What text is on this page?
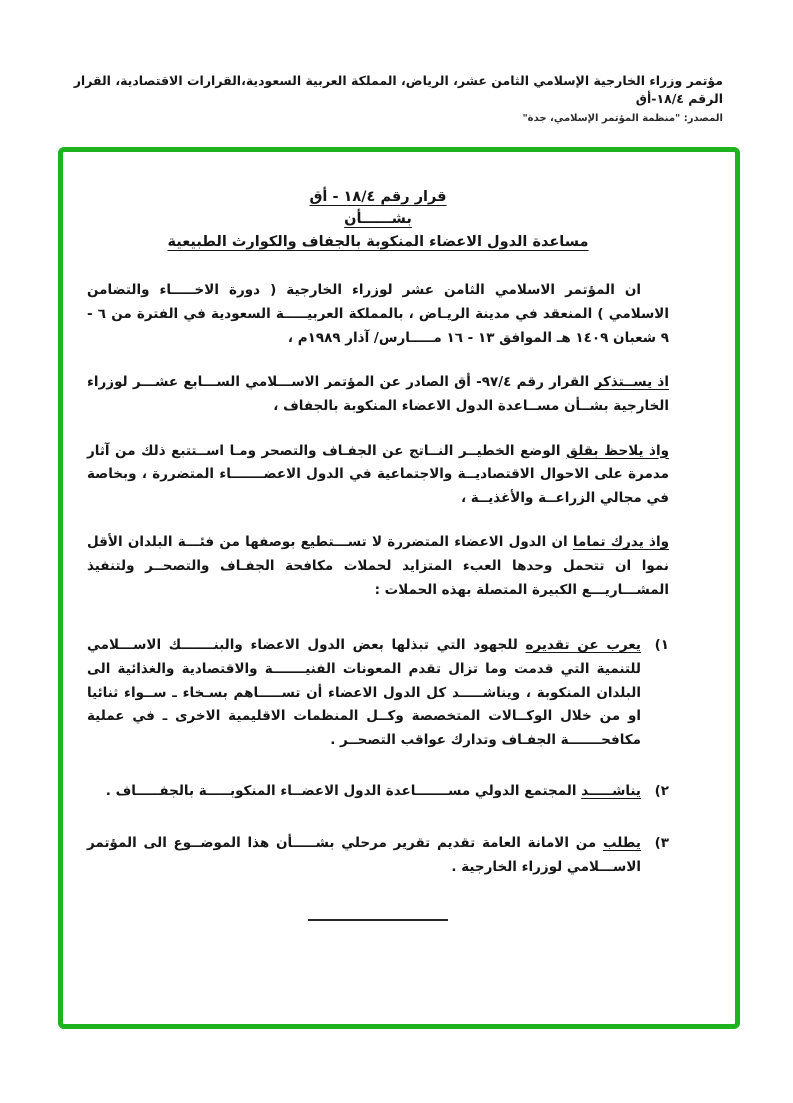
مؤتمر وزراء الخارجية الإسلامي الثامن عشر، الرياض، المملكة العربية السعودية،القرارات الاقتصادية، القرار الرقم ١٨/٤-أق
المصدر: "منظمة المؤتمر الإسلامي، جدة"
قرار رقم ١٨/٤ - أق
بشــــــأن
مساعدة الدول الاعضاء المنكوبة بالجفاف والكوارث الطبيعية

ان المؤتمر الاسلامي الثامن عشر لوزراء الخارجية ( دورة الاخـــــاء والتضامن الاسلامي ) المنعقد في مدينة الريـاض ، بالمملكة العربيـــــة السعودية في الفترة من ٦ - ٩ شعبان ١٤٠٩ هـ الموافق ١٣ - ١٦ مـــــارس/ آذار ١٩٨٩م ،

اذ يســتذكر القرار رقم ٩٧/٤- أق الصادر عن المؤتمر الاســـلامي الســـابع عشـــر لوزراء الخارجية بشــأن مســاعدة الدول الاعضاء المنكوبة بالجفاف ،

واذ يلاحظ بقلق الوضع الخطيــر النــاتج عن الجفـاف والتصحر ومـا اســتتبع ذلك من آثار مدمرة على الاحوال الاقتصاديــة والاجتماعية في الدول الاعضـــــــاء المتضررة ، وبخاصة في مجالي الزراعــة والأغذيــة ،

واذ يدرك تماما ان الدول الاعضاء المتضررة لا تســـتطيع بوصفها من فئـــة البلدان الأقل نموا ان تتحمل وحدها العبء المتزايد لحملات مكافحة الجفـاف والتصحــر ولتنفيذ المشـــاريـــع الكبيرة المتصلة بهذه الحملات :

١)
يعرب عن تقديره للجهود التي تبذلها بعض الدول الاعضاء والبنـــــــك الاســـلامي للتنمية التي قدمت وما تزال تقدم المعونات الفنيـــــــة والاقتصادية والغذائية الى البلدان المنكوبة ، ويناشـــــد كل الدول الاعضاء أن تســـــاهم بسـخاء ـ ســواء ثنائيا او من خلال الوكــالات المتخصصة وكــل المنظمات الاقليمية الاخرى ـ في عملية مكافحـــــــة الجفـاف وتدارك عواقب التصحــر .
٢)
يناشـــــد المجتمع الدولي مســـــــاعدة الدول الاعضــاء المنكوبـــــة بالجفـــــاف .
٣)
يطلب من الامانة العامة تقديم تقرير مرحلي بشـــــأن هذا الموضــوع الى المؤتمر الاســـلامي لوزراء الخارجية .
